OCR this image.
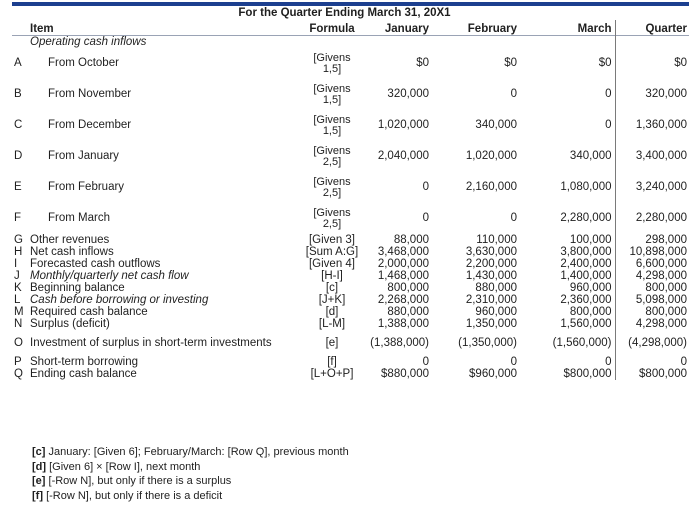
For the Quarter Ending March 31, 20X1
	Item	Formula	January	February	March	Quarter
	Operating cash inflows					
A	From October	[Givens 1,5]	$0	$0	$0	$0
B	From November	[Givens 1,5]	320,000	0	0	320,000
C	From December	[Givens 1,5]	1,020,000	340,000	0	1,360,000
D	From January	[Givens 2,5]	2,040,000	1,020,000	340,000	3,400,000
E	From February	[Givens 2,5]	0	2,160,000	1,080,000	3,240,000
F	From March	[Givens 2,5]	0	0	2,280,000	2,280,000
G	Other revenues	[Given 3]	88,000	110,000	100,000	298,000
H	Net cash inflows	[Sum A:G]	3,468,000	3,630,000	3,800,000	10,898,000
I	Forecasted cash outflows	[Given 4]	2,000,000	2,200,000	2,400,000	6,600,000
J	Monthly/quarterly net cash flow	[H-I]	1,468,000	1,430,000	1,400,000	4,298,000
K	Beginning balance	[c]	800,000	880,000	960,000	800,000
L	Cash before borrowing or investing	[J+K]	2,268,000	2,310,000	2,360,000	5,098,000
M	Required cash balance	[d]	880,000	960,000	800,000	800,000
N	Surplus (deficit)	[L-M]	1,388,000	1,350,000	1,560,000	4,298,000
O	Investment of surplus in short-term investments	[e]	(1,388,000)	(1,350,000)	(1,560,000)	(4,298,000)
P	Short-term borrowing	[f]	0	0	0	0
Q	Ending cash balance	[L+O+P]	$880,000	$960,000	$800,000	$800,000
[c] January: [Given 6]; February/March: [Row Q], previous month
[d] [Given 6] × [Row I], next month
[e] [-Row N], but only if there is a surplus
[f] [-Row N], but only if there is a deficit
